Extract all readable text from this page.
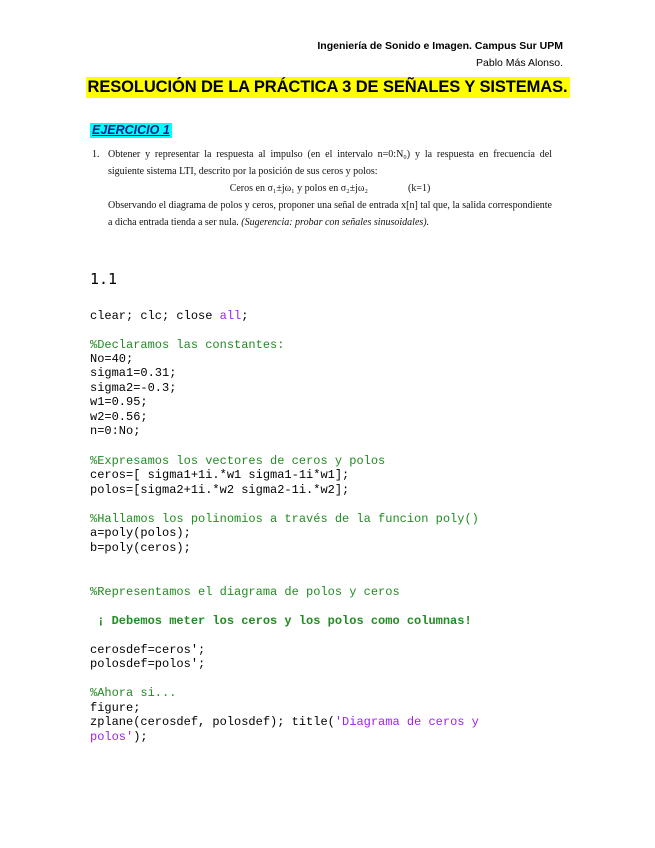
Ingeniería de Sonido e Imagen. Campus Sur UPM
Pablo Más Alonso.
RESOLUCIÓN DE LA PRÁCTICA 3 DE SEÑALES Y SISTEMAS.
EJERCICIO 1
1. Obtener y representar la respuesta al impulso (en el intervalo n=0:N₀) y la respuesta en frecuencia del siguiente sistema LTI, descrito por la posición de sus ceros y polos:
Ceros en σ₁±jω₁ y polos en σ₂±jω₂	(k=1)
Observando el diagrama de polos y ceros, proponer una señal de entrada x[n] tal que, la salida correspondiente a dicha entrada tienda a ser nula. (Sugerencia: probar con señales sinusoidales).
1.1
clear; clc; close all;
%Declaramos las constantes:
No=40;
sigma1=0.31;
sigma2=-0.3;
w1=0.95;
w2=0.56;
n=0:No;
%Expresamos los vectores de ceros y polos
ceros=[ sigma1+1i.*w1 sigma1-1i*w1];
polos=[sigma2+1i.*w2 sigma2-1i.*w2];
%Hallamos los polinomios a través de la funcion poly()
a=poly(polos);
b=poly(ceros);
%Representamos el diagrama de polos y ceros
¡ Debemos meter los ceros y los polos como columnas!
cerosdef=ceros';
polosdef=polos';
%Ahora si...
figure;
zplane(cerosdef, polosdef); title('Diagrama de ceros y
polos');
